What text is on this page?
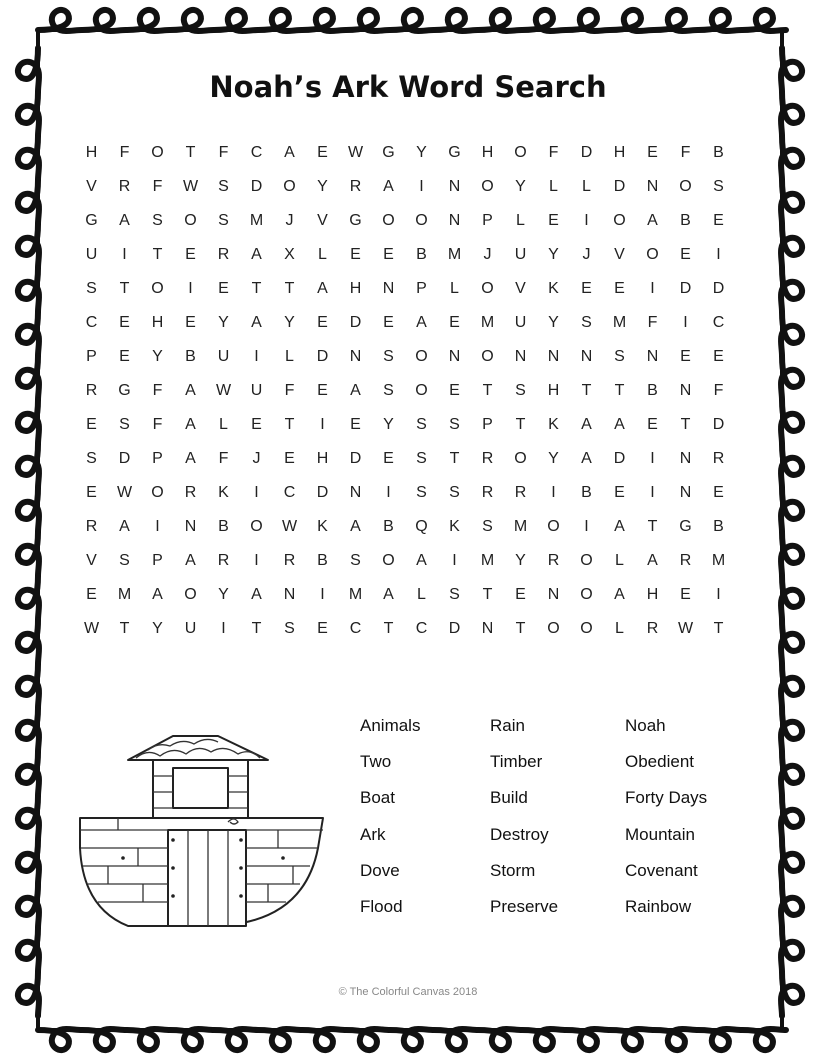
Noah’s Ark Word Search
H	F	O	T	F	C	A	E	W	G	Y	G	H	O	F	D	H	E	F	B
V	R	F	W	S	D	O	Y	R	A	I	N	O	Y	L	L	D	N	O	S
G	A	S	O	S	M	J	V	G	O	O	N	P	L	E	I	O	A	B	E
U	I	T	E	R	A	X	L	E	E	B	M	J	U	Y	J	V	O	E	I
S	T	O	I	E	T	T	A	H	N	P	L	O	V	K	E	E	I	D	D
C	E	H	E	Y	A	Y	E	D	E	A	E	M	U	Y	S	M	F	I	C
P	E	Y	B	U	I	L	D	N	S	O	N	O	N	N	N	S	N	E	E
R	G	F	A	W	U	F	E	A	S	O	E	T	S	H	T	T	B	N	F
E	S	F	A	L	E	T	I	E	Y	S	S	P	T	K	A	A	E	T	D
S	D	P	A	F	J	E	H	D	E	S	T	R	O	Y	A	D	I	N	R
E	W	O	R	K	I	C	D	N	I	S	S	R	R	I	B	E	I	N	E
R	A	I	N	B	O	W	K	A	B	Q	K	S	M	O	I	A	T	G	B
V	S	P	A	R	I	R	B	S	O	A	I	M	Y	R	O	L	A	R	M
E	M	A	O	Y	A	N	I	M	A	L	S	T	E	N	O	A	H	E	I
W	T	Y	U	I	T	S	E	C	T	C	D	N	T	O	O	L	R	W	T
Animals
Two
Boat
Ark
Dove
Flood
Rain
Timber
Build
Destroy
Storm
Preserve
Noah
Obedient
Forty Days
Mountain
Covenant
Rainbow
© The Colorful Canvas 2018
